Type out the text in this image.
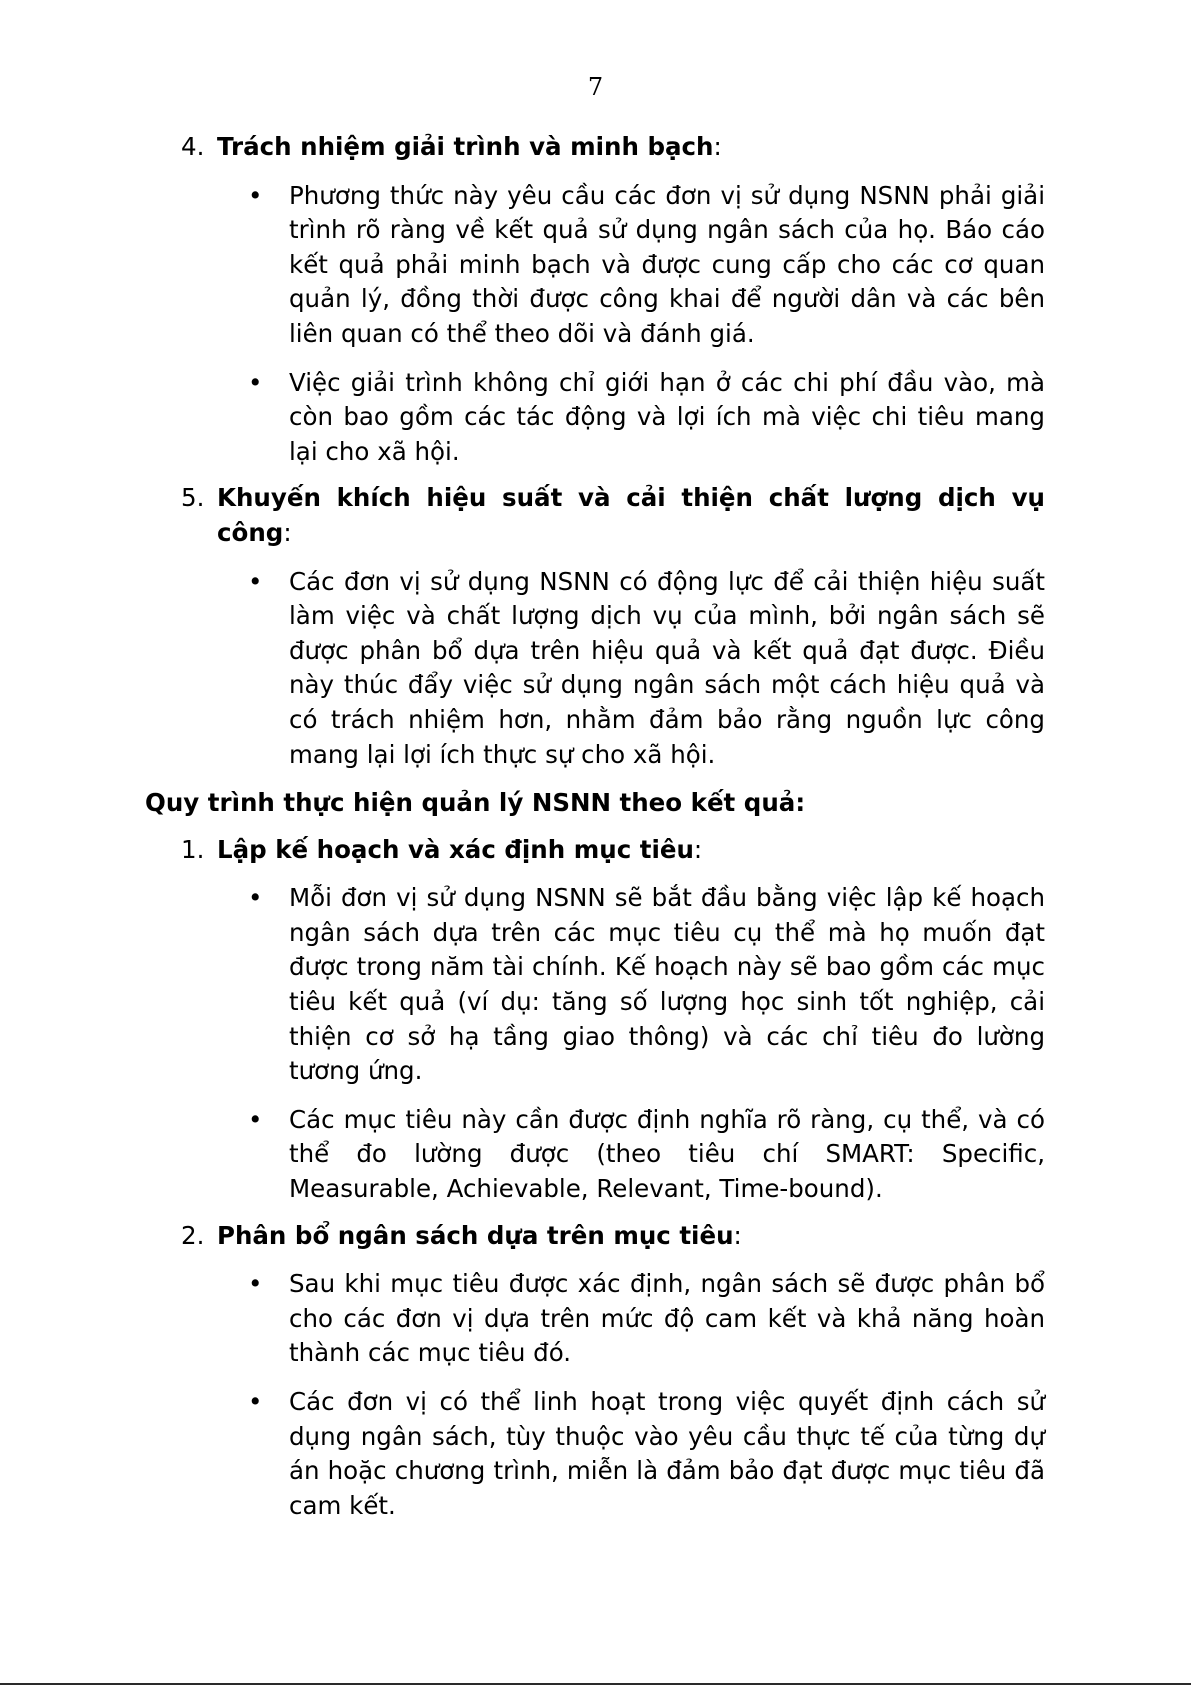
7
4. Trách nhiệm giải trình và minh bạch:
• Phương thức này yêu cầu các đơn vị sử dụng NSNN phải giải trình rõ ràng về kết quả sử dụng ngân sách của họ. Báo cáo kết quả phải minh bạch và được cung cấp cho các cơ quan quản lý, đồng thời được công khai để người dân và các bên liên quan có thể theo dõi và đánh giá.
• Việc giải trình không chỉ giới hạn ở các chi phí đầu vào, mà còn bao gồm các tác động và lợi ích mà việc chi tiêu mang lại cho xã hội.
5. Khuyến khích hiệu suất và cải thiện chất lượng dịch vụ công:
• Các đơn vị sử dụng NSNN có động lực để cải thiện hiệu suất làm việc và chất lượng dịch vụ của mình, bởi ngân sách sẽ được phân bổ dựa trên hiệu quả và kết quả đạt được. Điều này thúc đẩy việc sử dụng ngân sách một cách hiệu quả và có trách nhiệm hơn, nhằm đảm bảo rằng nguồn lực công mang lại lợi ích thực sự cho xã hội.
Quy trình thực hiện quản lý NSNN theo kết quả:
1. Lập kế hoạch và xác định mục tiêu:
• Mỗi đơn vị sử dụng NSNN sẽ bắt đầu bằng việc lập kế hoạch ngân sách dựa trên các mục tiêu cụ thể mà họ muốn đạt được trong năm tài chính. Kế hoạch này sẽ bao gồm các mục tiêu kết quả (ví dụ: tăng số lượng học sinh tốt nghiệp, cải thiện cơ sở hạ tầng giao thông) và các chỉ tiêu đo lường tương ứng.
• Các mục tiêu này cần được định nghĩa rõ ràng, cụ thể, và có thể đo lường được (theo tiêu chí SMART: Specific, Measurable, Achievable, Relevant, Time-bound).
2. Phân bổ ngân sách dựa trên mục tiêu:
• Sau khi mục tiêu được xác định, ngân sách sẽ được phân bổ cho các đơn vị dựa trên mức độ cam kết và khả năng hoàn thành các mục tiêu đó.
• Các đơn vị có thể linh hoạt trong việc quyết định cách sử dụng ngân sách, tùy thuộc vào yêu cầu thực tế của từng dự án hoặc chương trình, miễn là đảm bảo đạt được mục tiêu đã cam kết.
